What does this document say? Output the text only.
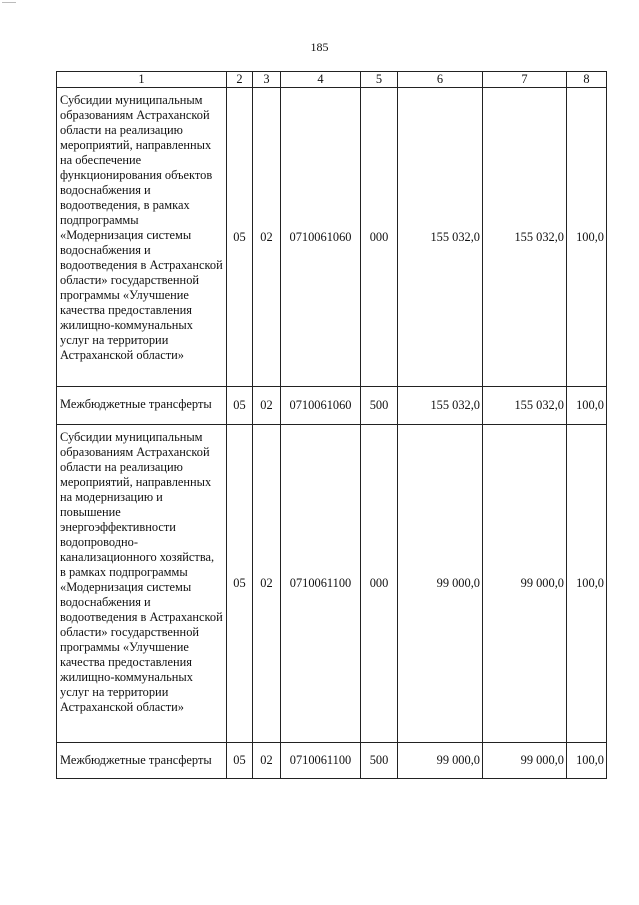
185
1	2	3	4	5	6	7	8
Субсидии муниципальным образованиям Астраханской области на реализацию мероприятий, направленных на обеспечение функционирования объектов водоснабжения и водоотведения, в рамках подпрограммы «Модернизация системы водоснабжения и водоотведения в Астраханской области» государственной программы «Улучшение качества предоставления жилищно-коммунальных услуг на территории Астраханской области»	05	02	0710061060	000	155 032,0	155 032,0	100,0
Межбюджетные трансферты	05	02	0710061060	500	155 032,0	155 032,0	100,0
Субсидии муниципальным образованиям Астраханской области на реализацию мероприятий, направленных на модернизацию и повышение энергоэффективности водопроводно-канализационного хозяйства, в рамках подпрограммы «Модернизация системы водоснабжения и водоотведения в Астраханской области» государственной программы «Улучшение качества предоставления жилищно-коммунальных услуг на территории Астраханской области»	05	02	0710061100	000	99 000,0	99 000,0	100,0
Межбюджетные трансферты	05	02	0710061100	500	99 000,0	99 000,0	100,0
